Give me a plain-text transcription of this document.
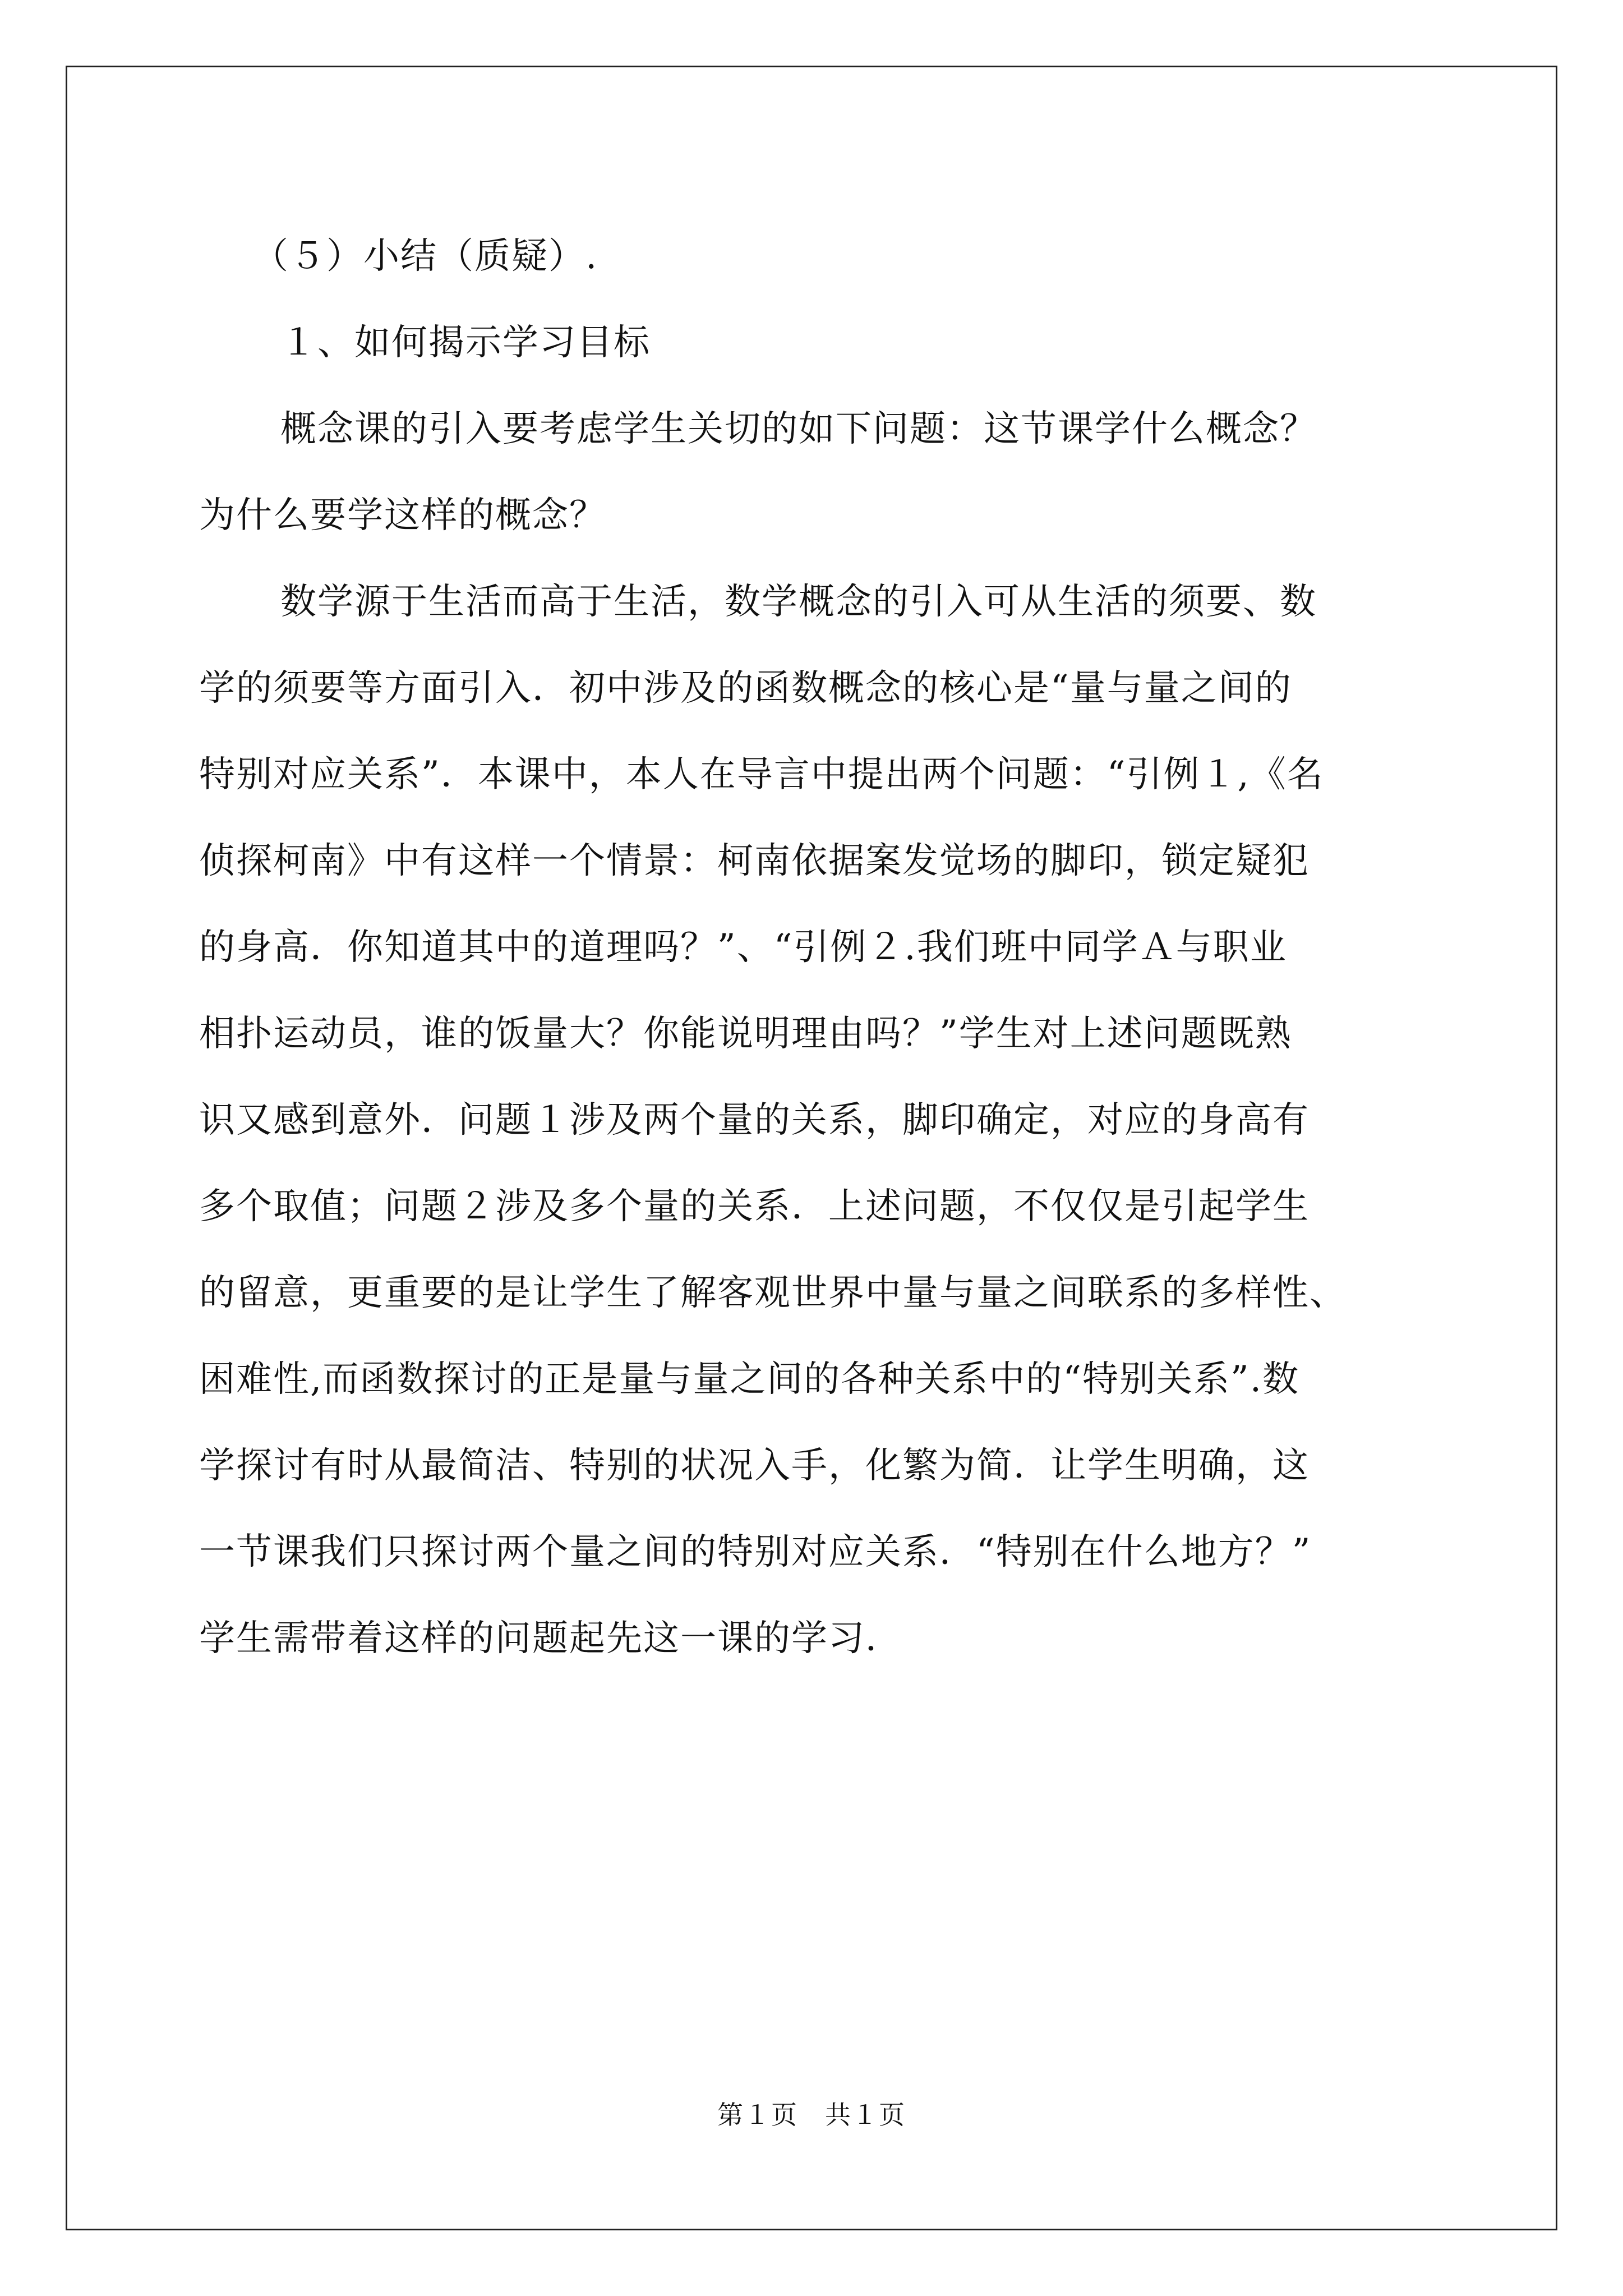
（５）小结（质疑）.
１、如何揭示学习目标
概念课的引入要考虑学生关切的如下问题：这节课学什么概念？
为什么要学这样的概念？
数学源于生活而高于生活，数学概念的引入可从生活的须要、数
学的须要等方面引入．初中涉及的函数概念的核心是“量与量之间的
特别对应关系”．本课中，本人在导言中提出两个问题：“引例１,《名
侦探柯南》中有这样一个情景：柯南依据案发觉场的脚印，锁定疑犯
的身高．你知道其中的道理吗？”、“引例２.我们班中同学Ａ与职业
相扑运动员，谁的饭量大？你能说明理由吗？”学生对上述问题既熟
识又感到意外．问题１涉及两个量的关系，脚印确定，对应的身高有
多个取值；问题２涉及多个量的关系．上述问题，不仅仅是引起学生
的留意，更重要的是让学生了解客观世界中量与量之间联系的多样性、
困难性,而函数探讨的正是量与量之间的各种关系中的“特别关系”.数
学探讨有时从最简洁、特别的状况入手，化繁为简．让学生明确，这
一节课我们只探讨两个量之间的特别对应关系．“特别在什么地方？”
学生需带着这样的问题起先这一课的学习．
第１页　共１页
